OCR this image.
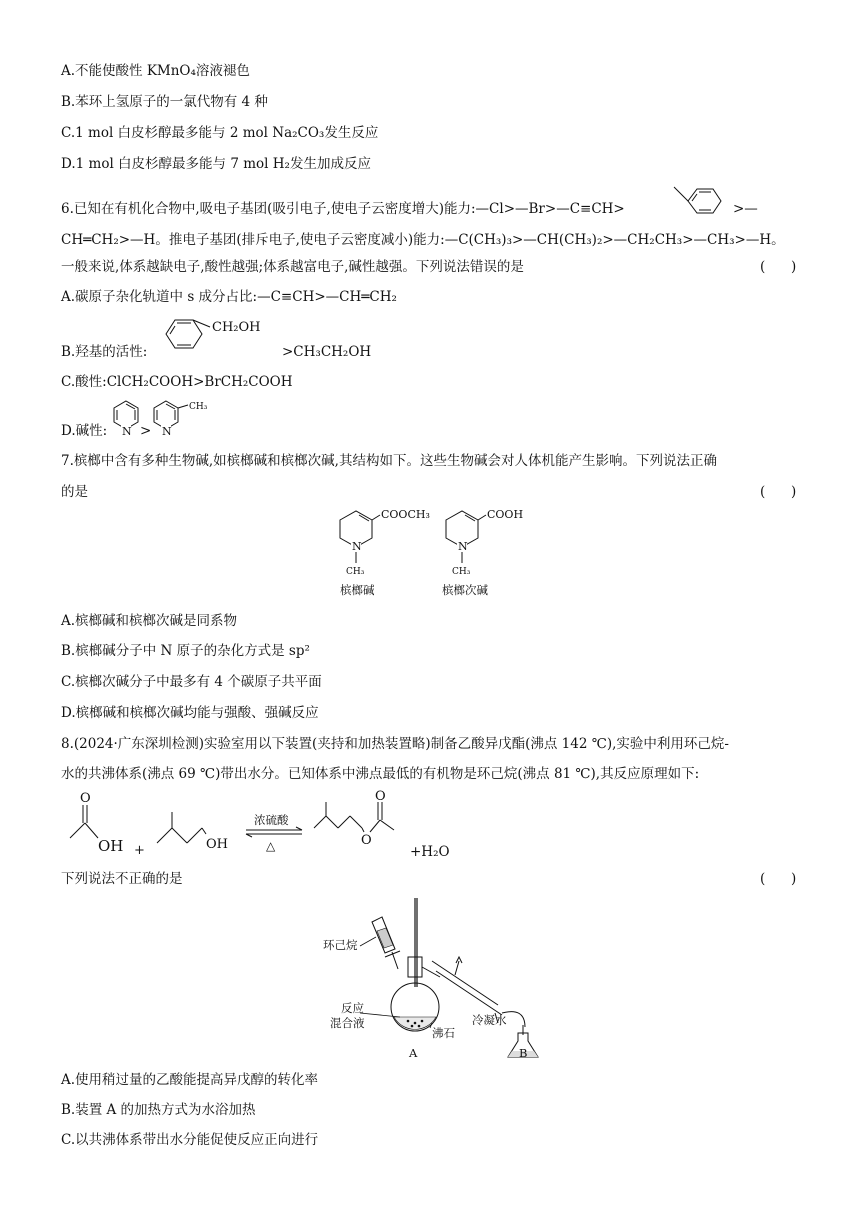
A.不能使酸性 KMnO₄溶液褪色
B.苯环上氢原子的一氯代物有 4 种
C.1 mol 白皮杉醇最多能与 2 mol Na₂CO₃发生反应
D.1 mol 白皮杉醇最多能与 7 mol H₂发生加成反应
6.已知在有机化合物中,吸电子基团(吸引电子,使电子云密度增大)能力:—Cl>—Br>—C≡CH>	>—
CH═CH₂>—H。推电子基团(排斥电子,使电子云密度减小)能力:—C(CH₃)₃>—CH(CH₃)₂>—CH₂CH₃>—CH₃>—H。
一般来说,体系越缺电子,酸性越强;体系越富电子,碱性越强。下列说法错误的是	(      )
A.碳原子杂化轨道中 s 成分占比:—C≡CH>—CH═CH₂
B.羟基的活性:
CH₂OH
>CH₃CH₂OH
C.酸性:ClCH₂COOH>BrCH₂COOH
D.碱性: N >
CH₃
N
7.槟榔中含有多种生物碱,如槟榔碱和槟榔次碱,其结构如下。这些生物碱会对人体机能产生影响。下列说法正确
的是	(      )
COOCH₃
N
CH₃
槟榔碱
COOH
N
CH₃
槟榔次碱
A.槟榔碱和槟榔次碱是同系物
B.槟榔碱分子中 N 原子的杂化方式是 sp²
C.槟榔次碱分子中最多有 4 个碳原子共平面
D.槟榔碱和槟榔次碱均能与强酸、强碱反应
8.(2024·广东深圳检测)实验室用以下装置(夹持和加热装置略)制备乙酸异戊酯(沸点 142 ℃),实验中利用环己烷-
水的共沸体系(沸点 69 ℃)带出水分。已知体系中沸点最低的有机物是环己烷(沸点 81 ℃),其反应原理如下:
O
OH +	OH
浓硫酸
△	O
O
+H₂O
下列说法不正确的是	(      )
环己烷
反应
混合液
沸石
冷凝水
A	B
A.使用稍过量的乙酸能提高异戊醇的转化率
B.装置 A 的加热方式为水浴加热
C.以共沸体系带出水分能促使反应正向进行
